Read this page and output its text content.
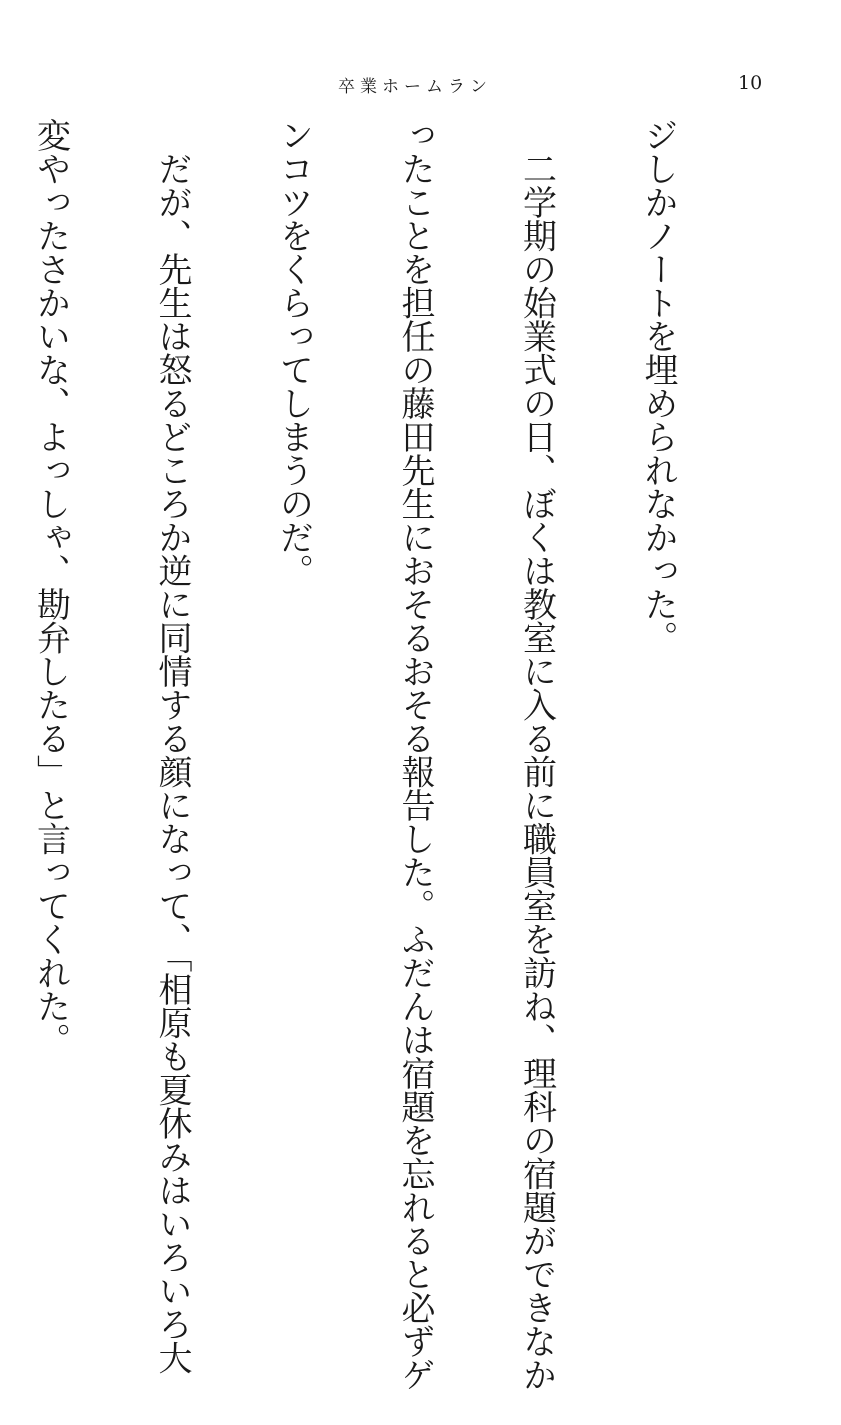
卒業ホームラン	10

ジしかノートを埋められなかった。

　二学期の始業式の日、ぼくは教室に入る前に職員室を訪ね、理科の宿題ができなか

ったことを担任の藤田先生におそるおそる報告した。ふだんは宿題を忘れると必ずゲ

ンコツをくらってしまうのだ。

　だが、先生は怒るどころか逆に同情する顔になって、「相原も夏休みはいろいろ大

変やったさかいな、よっしゃ、勘弁したる」と言ってくれた。
